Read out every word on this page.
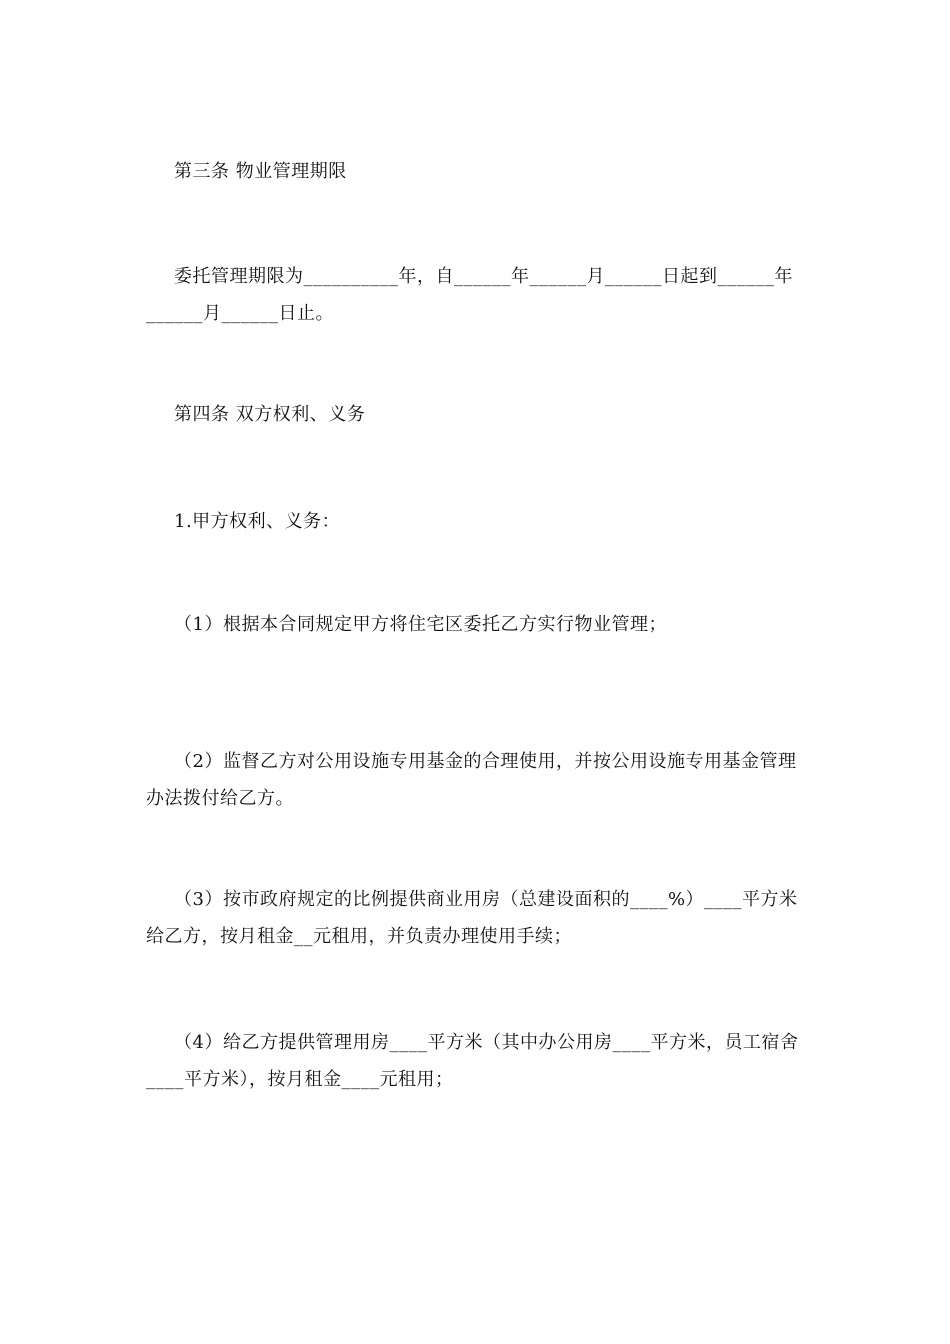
第三条 物业管理期限
委托管理期限为__________年，自______年______月______日起到______年______月______日止。
第四条 双方权利、义务
1.甲方权利、义务：
（1）根据本合同规定甲方将住宅区委托乙方实行物业管理；
（2）监督乙方对公用设施专用基金的合理使用，并按公用设施专用基金管理办法拨付给乙方。
（3）按市政府规定的比例提供商业用房（总建设面积的____%）____平方米给乙方，按月租金__元租用，并负责办理使用手续；
（4）给乙方提供管理用房____平方米（其中办公用房____平方米，员工宿舍____平方米），按月租金____元租用；
